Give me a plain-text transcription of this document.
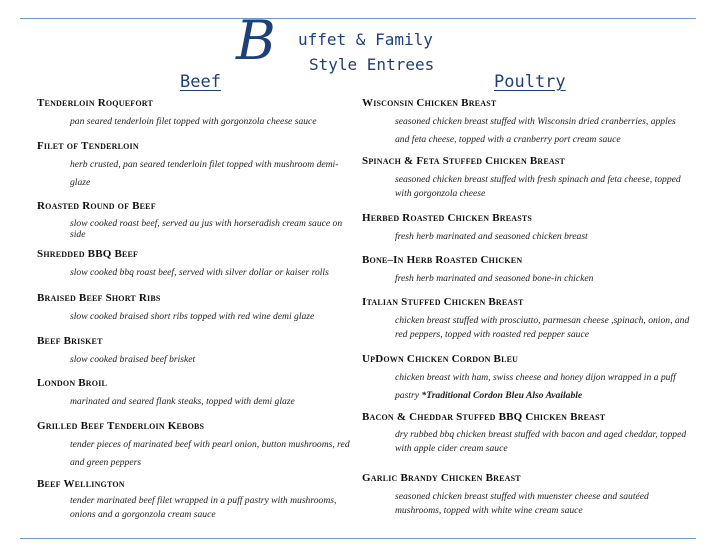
B uffet & Family
Style Entrees
Beef	Poultry
Tenderloin Roquefort
pan seared tenderloin filet topped with gorgonzola cheese sauce
Filet of Tenderloin
herb crusted, pan seared tenderloin filet topped with mushroom demi-glaze
Roasted Round of Beef
slow cooked roast beef, served au jus with horseradish cream sauce on side
Shredded BBQ Beef
slow cooked bbq roast beef, served with silver dollar or kaiser rolls
Braised Beef Short Ribs
slow cooked braised short ribs topped with red wine demi glaze
Beef Brisket
slow cooked braised beef brisket
London Broil
marinated and seared flank steaks, topped with demi glaze
Grilled Beef Tenderloin Kebobs
tender pieces of marinated beef with pearl onion, button mushrooms, red and green peppers
Beef Wellington
tender marinated beef filet wrapped in a puff pastry with mushrooms, onions and a gorgonzola cream sauce
Wisconsin Chicken Breast
seasoned chicken breast stuffed with Wisconsin dried cranberries, apples and feta cheese, topped with a cranberry port cream sauce
Spinach & Feta Stuffed Chicken Breast
seasoned chicken breast stuffed with fresh spinach and feta cheese, topped with gorgonzola cheese
Herbed Roasted Chicken Breasts
fresh herb marinated and seasoned chicken breast
Bone–In Herb Roasted Chicken
fresh herb marinated and seasoned bone-in chicken
Italian Stuffed Chicken Breast
chicken breast stuffed with prosciutto, parmesan cheese ,spinach, onion, and red peppers, topped with roasted red pepper sauce
UpDown Chicken Cordon Bleu
chicken breast with ham, swiss cheese and honey dijon wrapped in a puff pastry *Traditional Cordon Bleu Also Available
Bacon & Cheddar Stuffed BBQ Chicken Breast
dry rubbed bbq chicken breast stuffed with bacon and aged cheddar, topped with apple cider cream sauce
Garlic Brandy Chicken Breast
seasoned chicken breast stuffed with muenster cheese and sautéed mushrooms, topped with white wine cream sauce
